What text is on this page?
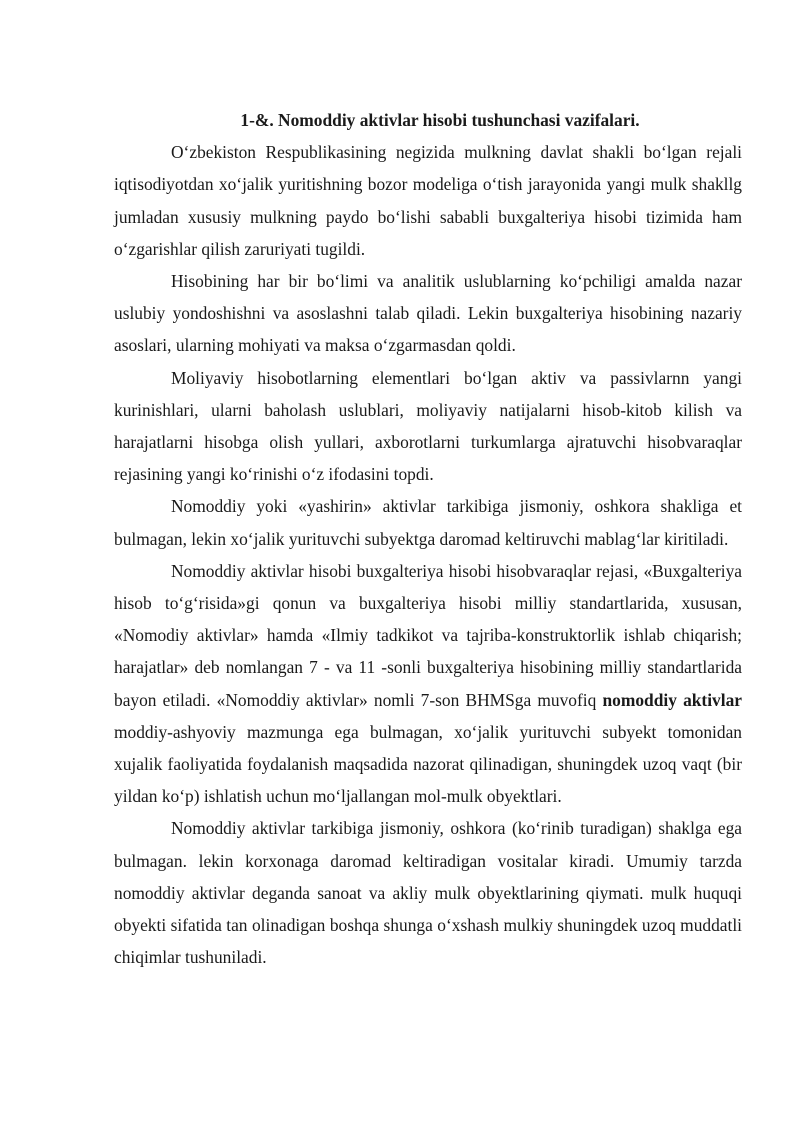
1-&. Nomoddiy aktivlar hisobi tushunchasi vazifalari.

Oʻzbekiston Respublikasining negizida mulkning davlat shakli boʻlgan rejali iqtisodiyotdan xoʻjalik yuritishning bozor modeliga oʻtish jarayonida yangi mulk shakllg jumladan xususiy mulkning paydo boʻlishi sababli buxgalteriya hisobi tizimida ham oʻzgarishlar qilish zaruriyati tugildi.

Hisobining har bir boʻlimi va analitik uslublarning koʻpchiligi amalda nazar uslubiy yondoshishni va asoslashni talab qiladi. Lekin buxgalteriya hisobining nazariy asoslari, ularning mohiyati va maksa oʻzgarmasdan qoldi.

Moliyaviy hisobotlarning elementlari boʻlgan aktiv va passivlarnn yangi kurinishlari, ularni baholash uslublari, moliyaviy natijalarni hisob-kitob kilish va harajatlarni hisobga olish yullari, axborotlarni turkumlarga ajratuvchi hisobvaraqlar rejasining yangi koʻrinishi oʻz ifodasini topdi.

Nomoddiy yoki «yashirin» aktivlar tarkibiga jismoniy, oshkora shakliga et bulmagan, lekin xoʻjalik yurituvchi subyektga daromad keltiruvchi mablagʻlar kiritiladi.

Nomoddiy aktivlar hisobi buxgalteriya hisobi hisobvaraqlar rejasi, «Buxgalteriya hisob toʻgʻrisida»gi qonun va buxgalteriya hisobi milliy standartlarida, xususan, «Nomodiy aktivlar» hamda «Ilmiy tadkikot va tajriba-konstruktorlik ishlab chiqarish; harajatlar» deb nomlangan 7 - va 11 -sonli buxgalteriya hisobining milliy standartlarida bayon etiladi. «Nomoddiy aktivlar» nomli 7-son BHMSga muvofiq nomoddiy aktivlar moddiy-ashyoviy mazmunga ega bulmagan, xoʻjalik yurituvchi subyekt tomonidan xujalik faoliyatida foydalanish maqsadida nazorat qilinadigan, shuningdek uzoq vaqt (bir yildan koʻp) ishlatish uchun moʻljallangan mol-mulk obyektlari.

Nomoddiy aktivlar tarkibiga jismoniy, oshkora (koʻrinib turadigan) shaklga ega bulmagan. lekin korxonaga daromad keltiradigan vositalar kiradi. Umumiy tarzda nomoddiy aktivlar deganda sanoat va akliy mulk obyektlarining qiymati. mulk huquqi obyekti sifatida tan olinadigan boshqa shunga oʻxshash mulkiy shuningdek uzoq muddatli chiqimlar tushuniladi.
